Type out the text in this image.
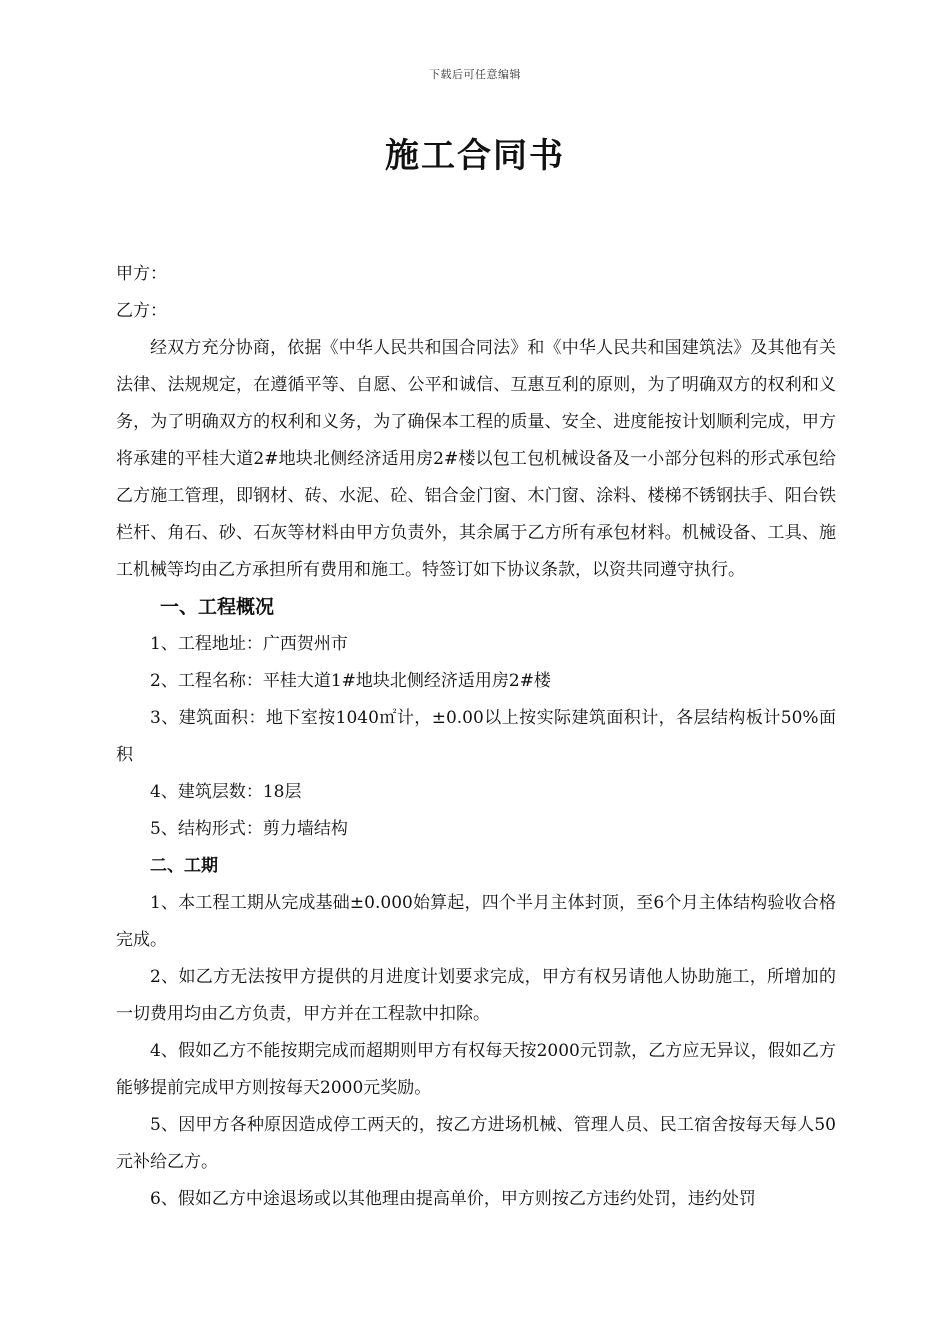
下载后可任意编辑
施工合同书

甲方：

乙方：

经双方充分协商，依据《中华人民共和国合同法》和《中华人民共和国建筑法》及其他有关法律、法规规定，在遵循平等、自愿、公平和诚信、互惠互利的原则，为了明确双方的权利和义务，为了明确双方的权利和义务，为了确保本工程的质量、安全、进度能按计划顺利完成，甲方将承建的平桂大道2#地块北侧经济适用房2#楼以包工包机械设备及一小部分包料的形式承包给乙方施工管理，即钢材、砖、水泥、砼、铝合金门窗、木门窗、涂料、楼梯不锈钢扶手、阳台铁栏杆、角石、砂、石灰等材料由甲方负责外，其余属于乙方所有承包材料。机械设备、工具、施工机械等均由乙方承担所有费用和施工。特签订如下协议条款，以资共同遵守执行。

一、工程概况

1、工程地址：广西贺州市

2、工程名称：平桂大道1#地块北侧经济适用房2#楼

3、建筑面积：地下室按1040㎡计，±0.00以上按实际建筑面积计，各层结构板计50%面积

4、建筑层数：18层

5、结构形式：剪力墙结构

二、工期

1、本工程工期从完成基础±0.000始算起，四个半月主体封顶，至6个月主体结构验收合格完成。

2、如乙方无法按甲方提供的月进度计划要求完成，甲方有权另请他人协助施工，所增加的一切费用均由乙方负责，甲方并在工程款中扣除。

4、假如乙方不能按期完成而超期则甲方有权每天按2000元罚款，乙方应无异议，假如乙方能够提前完成甲方则按每天2000元奖励。

5、因甲方各种原因造成停工两天的，按乙方进场机械、管理人员、民工宿舍按每天每人50元补给乙方。

6、假如乙方中途退场或以其他理由提高单价，甲方则按乙方违约处罚，违约处罚
